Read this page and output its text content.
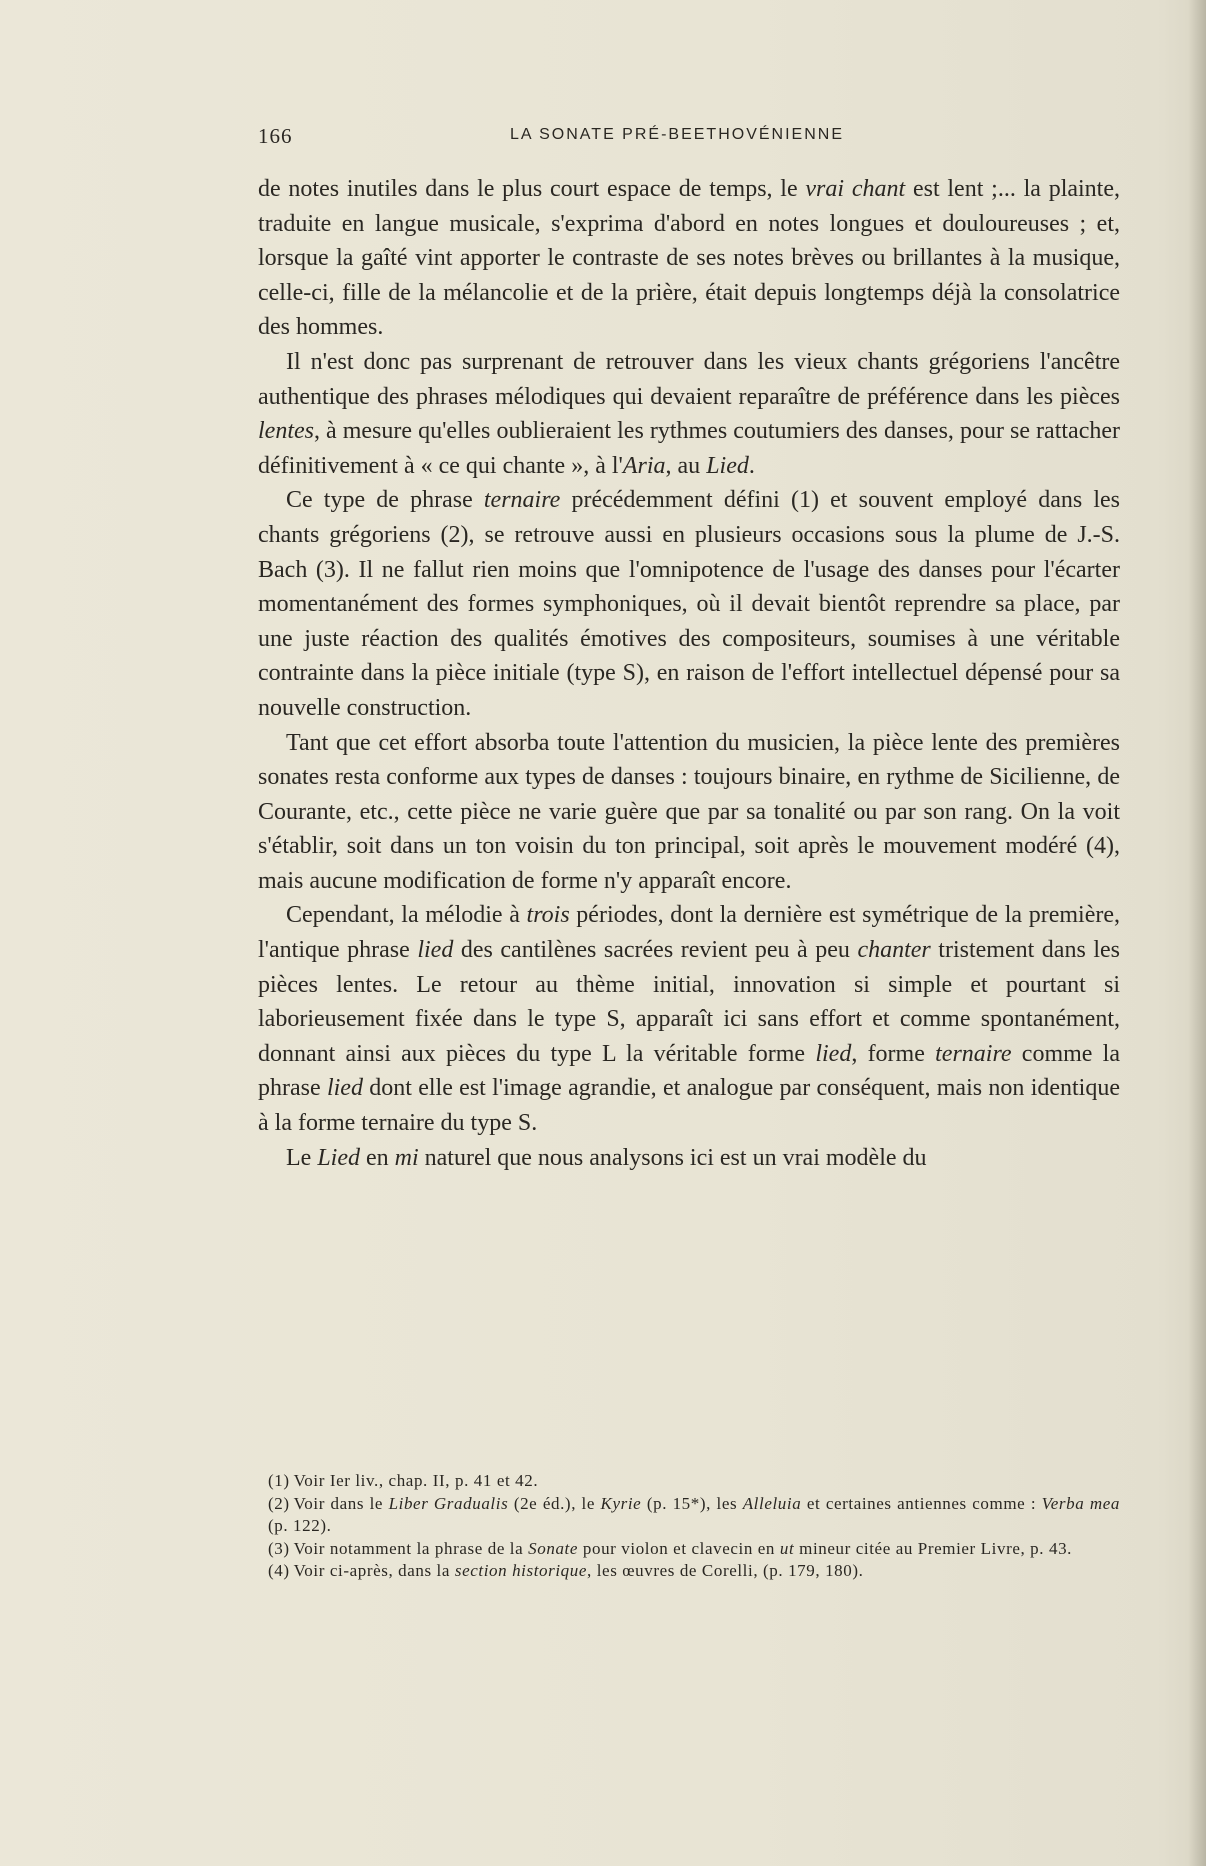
166	LA SONATE PRÉ-BEETHOVÉNIENNE

de notes inutiles dans le plus court espace de temps, le vrai chant est lent ;... la plainte, traduite en langue musicale, s'exprima d'abord en notes longues et douloureuses ; et, lorsque la gaîté vint apporter le contraste de ses notes brèves ou brillantes à la musique, celle-ci, fille de la mélancolie et de la prière, était depuis longtemps déjà la consolatrice des hommes.

Il n'est donc pas surprenant de retrouver dans les vieux chants grégoriens l'ancêtre authentique des phrases mélodiques qui devaient reparaître de préférence dans les pièces lentes, à mesure qu'elles oublieraient les rythmes coutumiers des danses, pour se rattacher définitivement à « ce qui chante », à l'Aria, au Lied.

Ce type de phrase ternaire précédemment défini (1) et souvent employé dans les chants grégoriens (2), se retrouve aussi en plusieurs occasions sous la plume de J.-S. Bach (3). Il ne fallut rien moins que l'omnipotence de l'usage des danses pour l'écarter momentanément des formes symphoniques, où il devait bientôt reprendre sa place, par une juste réaction des qualités émotives des compositeurs, soumises à une véritable contrainte dans la pièce initiale (type S), en raison de l'effort intellectuel dépensé pour sa nouvelle construction.

Tant que cet effort absorba toute l'attention du musicien, la pièce lente des premières sonates resta conforme aux types de danses : toujours binaire, en rythme de Sicilienne, de Courante, etc., cette pièce ne varie guère que par sa tonalité ou par son rang. On la voit s'établir, soit dans un ton voisin du ton principal, soit après le mouvement modéré (4), mais aucune modification de forme n'y apparaît encore.

Cependant, la mélodie à trois périodes, dont la dernière est symétrique de la première, l'antique phrase lied des cantilènes sacrées revient peu à peu chanter tristement dans les pièces lentes. Le retour au thème initial, innovation si simple et pourtant si laborieusement fixée dans le type S, apparaît ici sans effort et comme spontanément, donnant ainsi aux pièces du type L la véritable forme lied, forme ternaire comme la phrase lied dont elle est l'image agrandie, et analogue par conséquent, mais non identique à la forme ternaire du type S.

Le Lied en mi naturel que nous analysons ici est un vrai modèle du

(1) Voir Ier liv., chap. II, p. 41 et 42.

(2) Voir dans le Liber Gradualis (2e éd.), le Kyrie (p. 15*), les Alleluia et certaines antiennes comme : Verba mea (p. 122).

(3) Voir notamment la phrase de la Sonate pour violon et clavecin en ut mineur citée au Premier Livre, p. 43.

(4) Voir ci-après, dans la section historique, les œuvres de Corelli, (p. 179, 180).
